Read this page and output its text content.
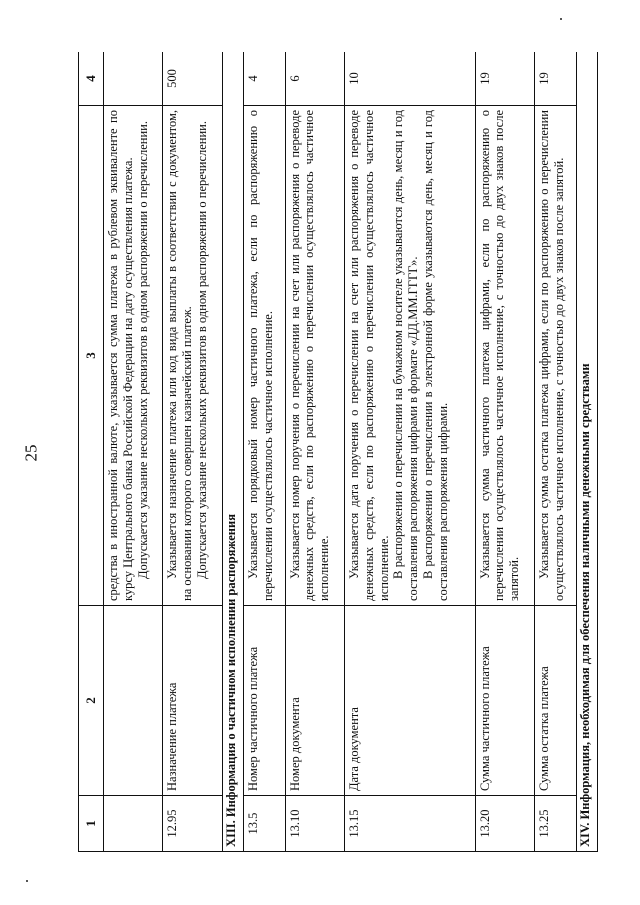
25
1	2	3	4

		средства в иностранной валюте, указывается сумма платежа в рублевом эквиваленте по курсу Центрального банка Российской Федерации на дату осуществления платежа. Допускается указание нескольких реквизитов в одном распоряжении о перечислении.	

12.95	Назначение платежа	Указывается назначение платежа или код вида выплаты в соответствии с документом, на основании которого совершен казначейский платеж. Допускается указание нескольких реквизитов в одном распоряжении о перечислении.	500
XIII. Информация о частичном исполнении распоряжения			
13.5	Номер частичного платежа	Указывается порядковый номер частичного платежа, если по распоряжению о перечислении осуществлялось частичное исполнение.	4
13.10	Номер документа	Указывается номер поручения о перечислении на счет или распоряжения о переводе денежных средств, если по распоряжению о перечислении осуществлялось частичное исполнение.	6
13.15	Дата документа	Указывается дата поручения о перечислении на счет или распоряжения о переводе денежных средств, если по распоряжению о перечислении осуществлялось частичное исполнение. В распоряжении о перечислении на бумажном носителе указываются день, месяц и год составления распоряжения цифрами в формате «ДД.ММ.ГГГГ». В распоряжении о перечислении в электронной форме указываются день, месяц и год составления распоряжения цифрами.	10
13.20	Сумма частичного платежа	Указывается сумма частичного платежа цифрами, если по распоряжению о перечислении осуществлялось частичное исполнение, с точностью до двух знаков после запятой.	19
13.25	Сумма остатка платежа	Указывается сумма остатка платежа цифрами, если по распоряжению о перечислении осуществлялось частичное исполнение, с точностью до двух знаков после запятой.	19
XIV. Информация, необходимая для обеспечения наличными денежными средствами			
